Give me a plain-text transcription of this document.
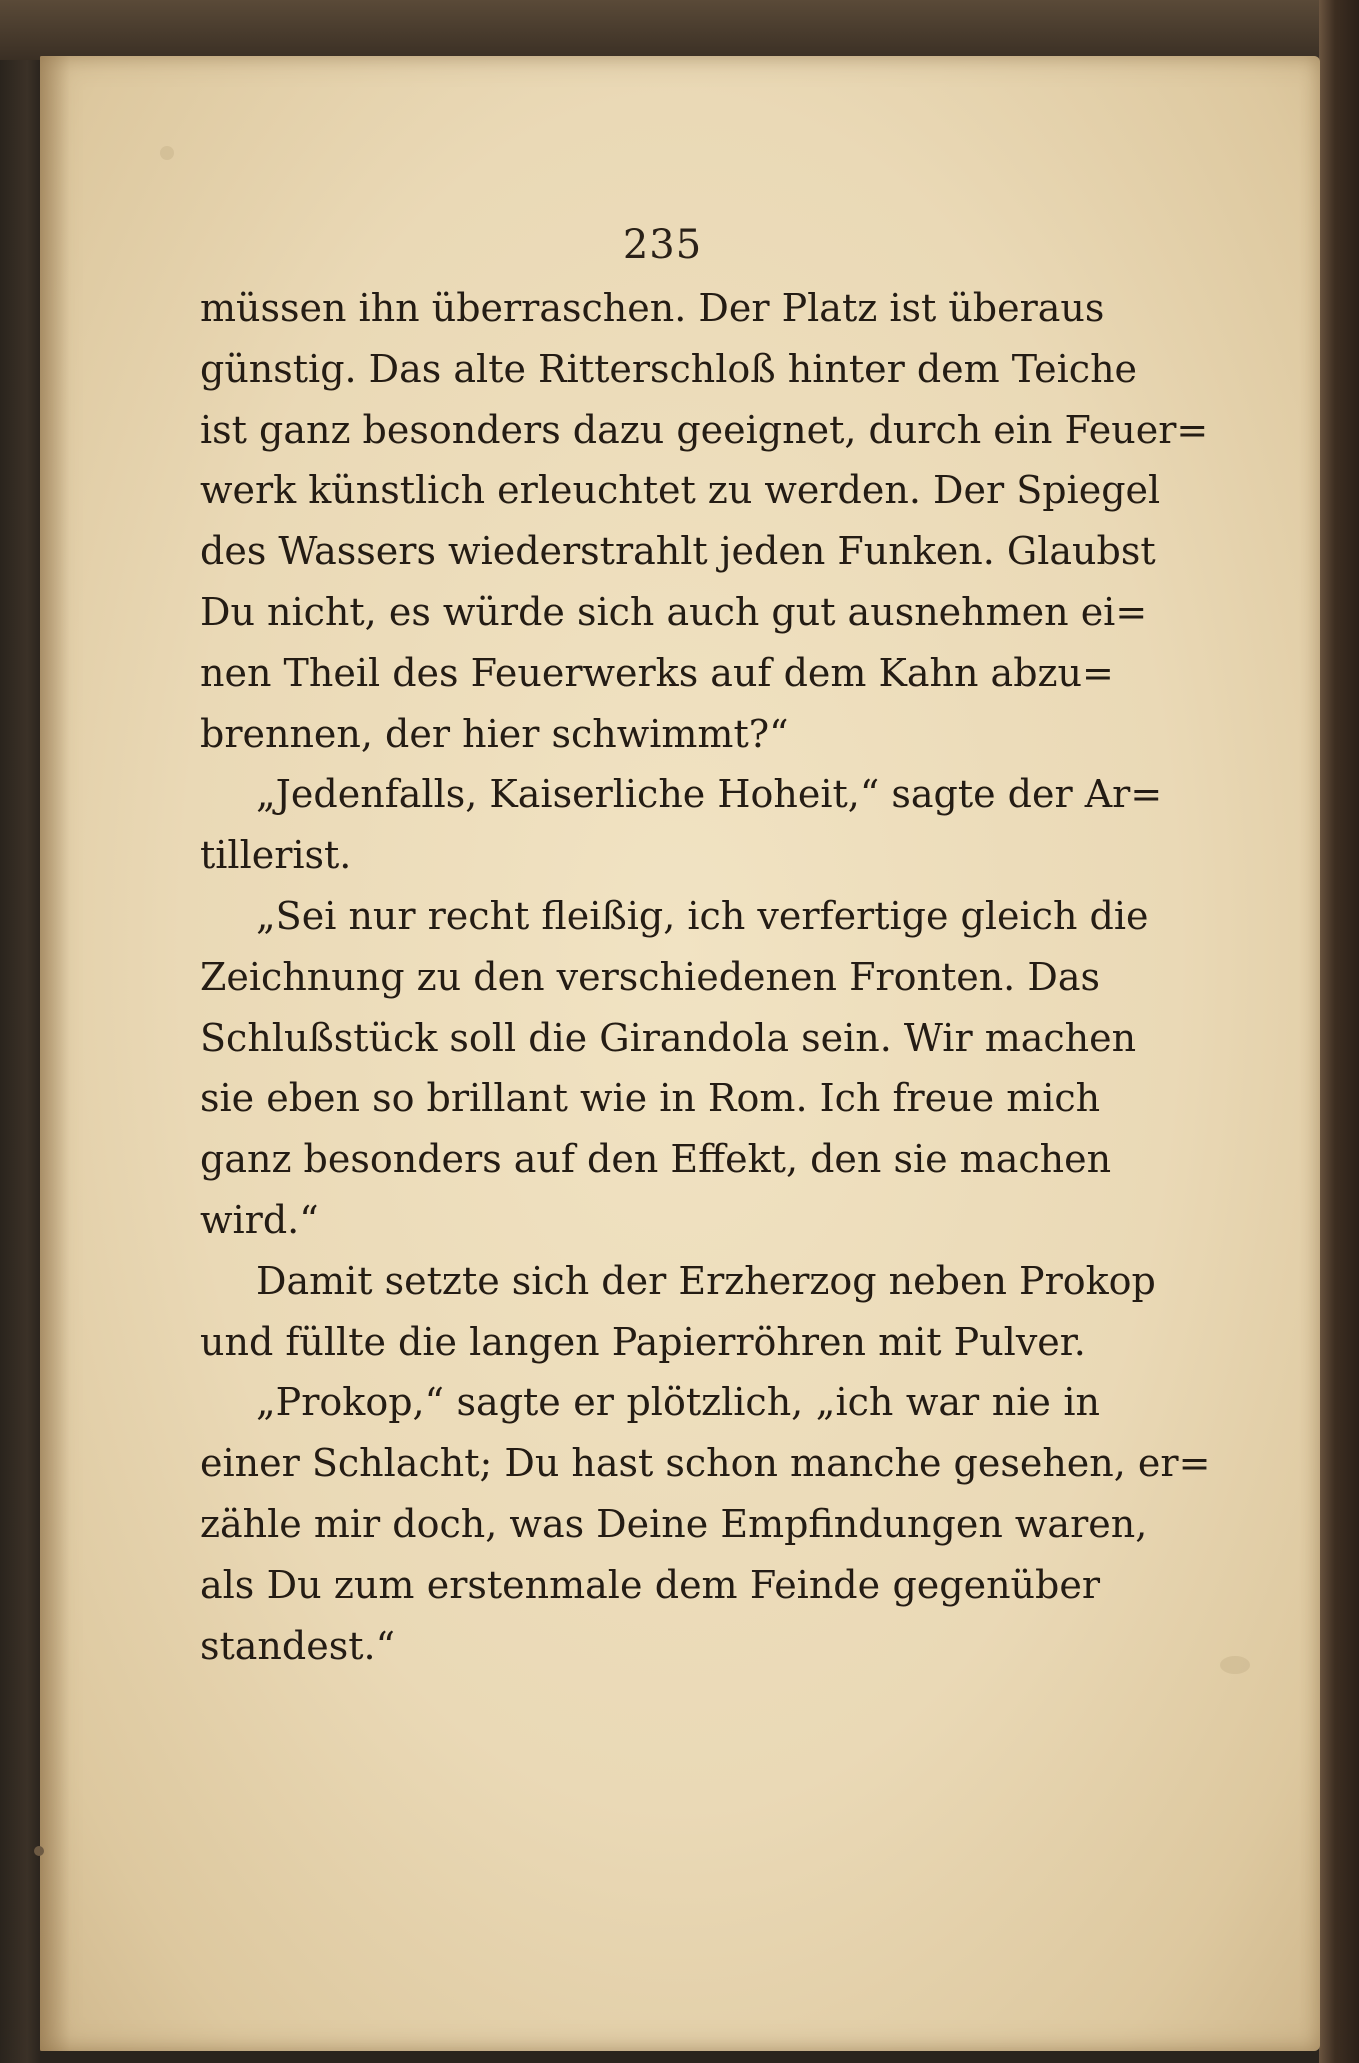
235
müssen ihn überraschen. Der Platz ist überaus
günstig. Das alte Ritterschloß hinter dem Teiche
ist ganz besonders dazu geeignet, durch ein Feuer=
werk künstlich erleuchtet zu werden. Der Spiegel
des Wassers wiederstrahlt jeden Funken. Glaubst
Du nicht, es würde sich auch gut ausnehmen ei=
nen Theil des Feuerwerks auf dem Kahn abzu=
brennen, der hier schwimmt?“
„Jedenfalls, Kaiserliche Hoheit,“ sagte der Ar=
tillerist.
„Sei nur recht fleißig, ich verfertige gleich die
Zeichnung zu den verschiedenen Fronten. Das
Schlußstück soll die Girandola sein. Wir machen
sie eben so brillant wie in Rom. Ich freue mich
ganz besonders auf den Effekt, den sie machen
wird.“
Damit setzte sich der Erzherzog neben Prokop
und füllte die langen Papierröhren mit Pulver.
„Prokop,“ sagte er plötzlich, „ich war nie in
einer Schlacht; Du hast schon manche gesehen, er=
zähle mir doch, was Deine Empfindungen waren,
als Du zum erstenmale dem Feinde gegenüber
standest.“
